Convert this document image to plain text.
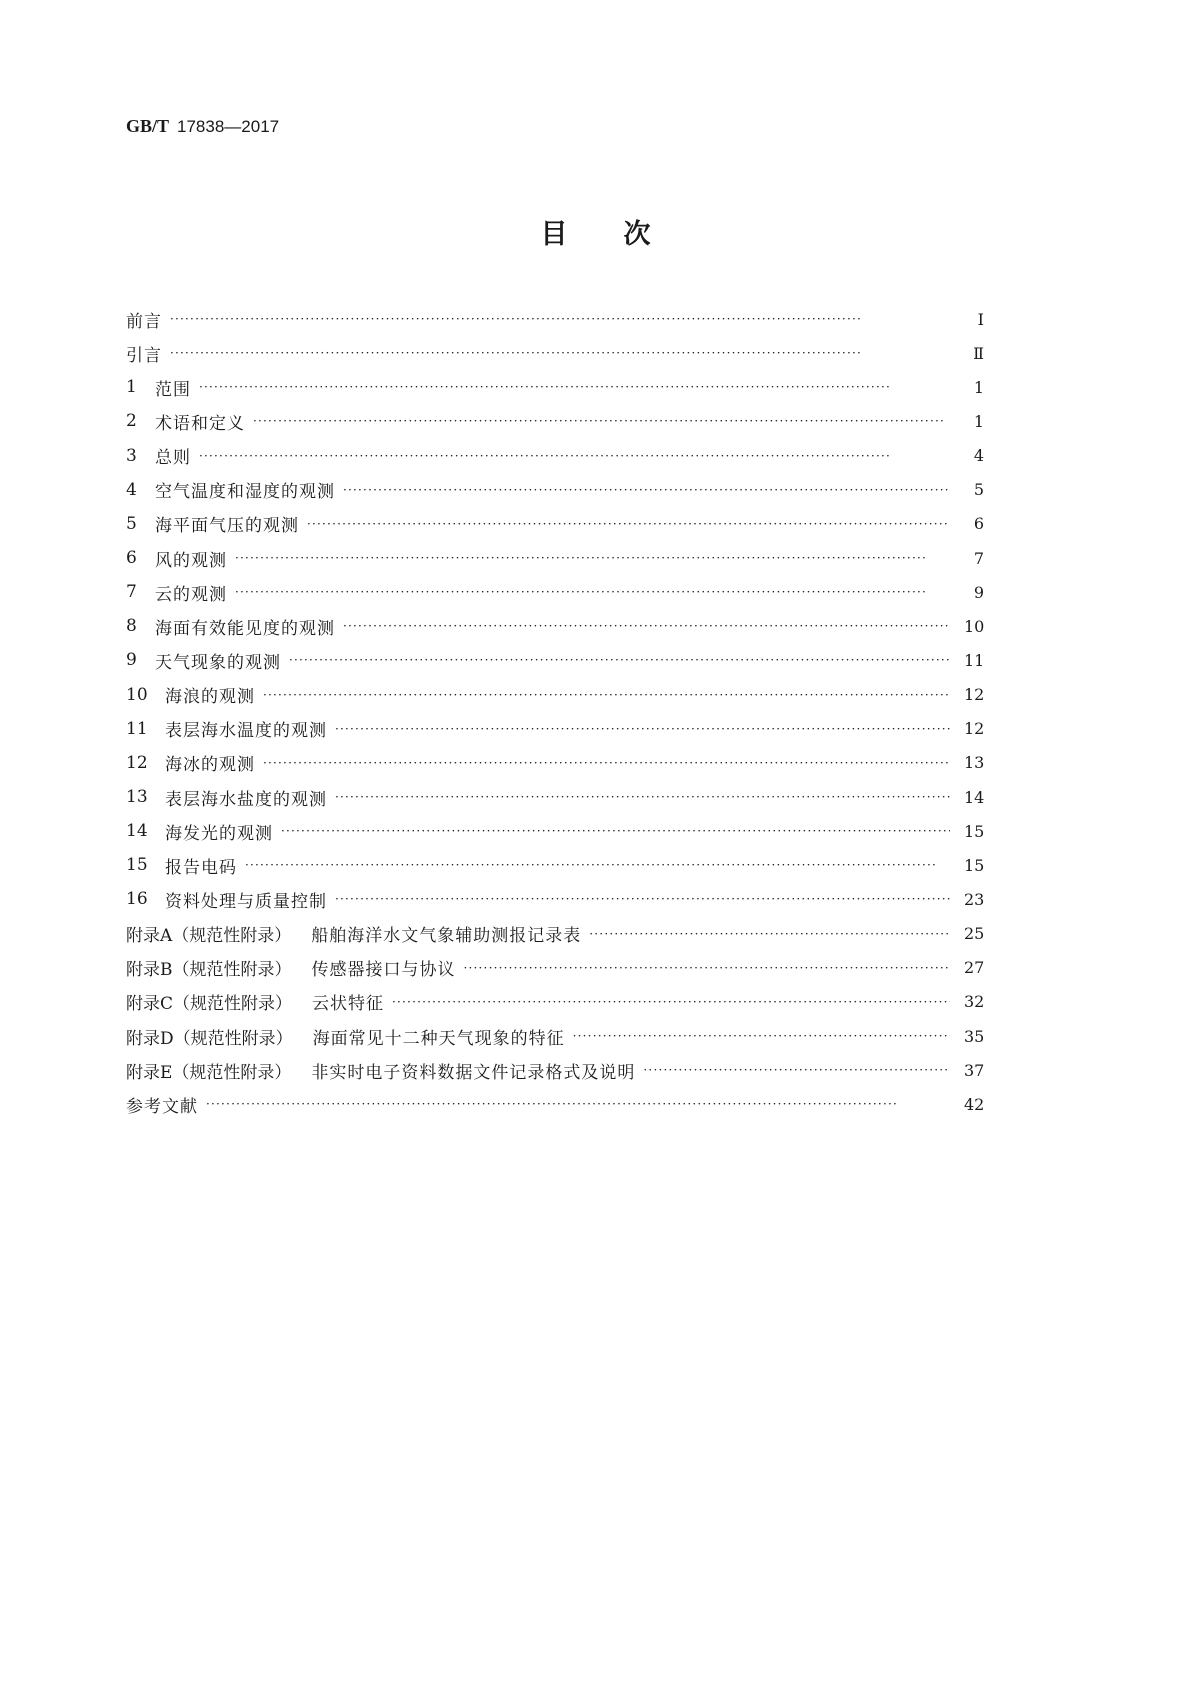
GB/T 17838—2017
目次
前言 ·····	Ⅰ
引言 ·····	Ⅱ
1	范围 ·····	1
2	术语和定义 ·····	1
3	总则 ·····	4
4	空气温度和湿度的观测 ·····	5
5	海平面气压的观测 ·····	6
6	风的观测 ·····	7
7	云的观测 ·····	9
8	海面有效能见度的观测 ·····	10
9	天气现象的观测 ·····	11
10	海浪的观测 ·····	12
11	表层海水温度的观测 ·····	12
12	海冰的观测 ·····	13
13	表层海水盐度的观测 ·····	14
14	海发光的观测 ·····	15
15	报告电码 ·····	15
16	资料处理与质量控制 ·····	23
附录A（规范性附录） 船舶海洋水文气象辅助测报记录表 ·····	25
附录B（规范性附录） 传感器接口与协议 ·····	27
附录C（规范性附录） 云状特征 ·····	32
附录D（规范性附录） 海面常见十二种天气现象的特征 ·····	35
附录E（规范性附录） 非实时电子资料数据文件记录格式及说明 ·····	37
参考文献 ·····	42
